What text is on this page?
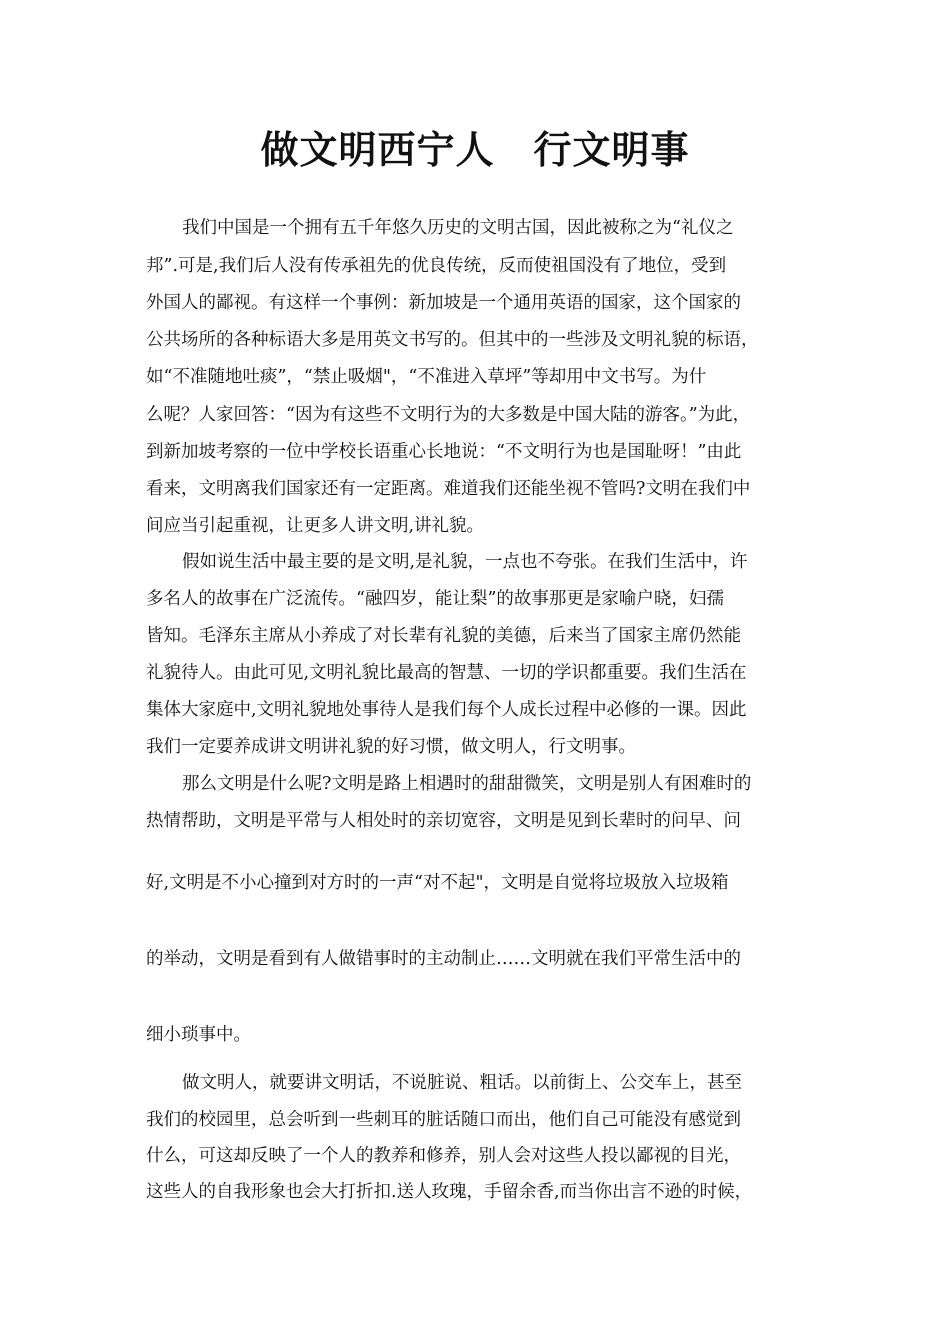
做文明西宁人　行文明事
我们中国是一个拥有五千年悠久历史的文明古国，因此被称之为“礼仪之
邦”.可是,我们后人没有传承祖先的优良传统，反而使祖国没有了地位，受到
外国人的鄙视。有这样一个事例：新加坡是一个通用英语的国家，这个国家的
公共场所的各种标语大多是用英文书写的。但其中的一些涉及文明礼貌的标语，
如“不准随地吐痰”，“禁止吸烟"，“不准进入草坪”等却用中文书写。为什
么呢？人家回答：“因为有这些不文明行为的大多数是中国大陆的游客。”为此，
到新加坡考察的一位中学校长语重心长地说：“不文明行为也是国耻呀！”由此
看来，文明离我们国家还有一定距离。难道我们还能坐视不管吗?文明在我们中
间应当引起重视，让更多人讲文明,讲礼貌。
假如说生活中最主要的是文明,是礼貌，一点也不夸张。在我们生活中，许
多名人的故事在广泛流传。“融四岁，能让梨”的故事那更是家喻户晓，妇孺
皆知。毛泽东主席从小养成了对长辈有礼貌的美德，后来当了国家主席仍然能
礼貌待人。由此可见,文明礼貌比最高的智慧、一切的学识都重要。我们生活在
集体大家庭中,文明礼貌地处事待人是我们每个人成长过程中必修的一课。因此
我们一定要养成讲文明讲礼貌的好习惯，做文明人，行文明事。
那么文明是什么呢?文明是路上相遇时的甜甜微笑，文明是别人有困难时的
热情帮助，文明是平常与人相处时的亲切宽容，文明是见到长辈时的问早、问
好,文明是不小心撞到对方时的一声“对不起"，文明是自觉将垃圾放入垃圾箱
的举动，文明是看到有人做错事时的主动制止……文明就在我们平常生活中的
细小琐事中。
做文明人，就要讲文明话，不说脏说、粗话。以前街上、公交车上，甚至
我们的校园里，总会听到一些刺耳的脏话随口而出，他们自己可能没有感觉到
什么，可这却反映了一个人的教养和修养，别人会对这些人投以鄙视的目光，
这些人的自我形象也会大打折扣.送人玫瑰，手留余香,而当你出言不逊的时候，
